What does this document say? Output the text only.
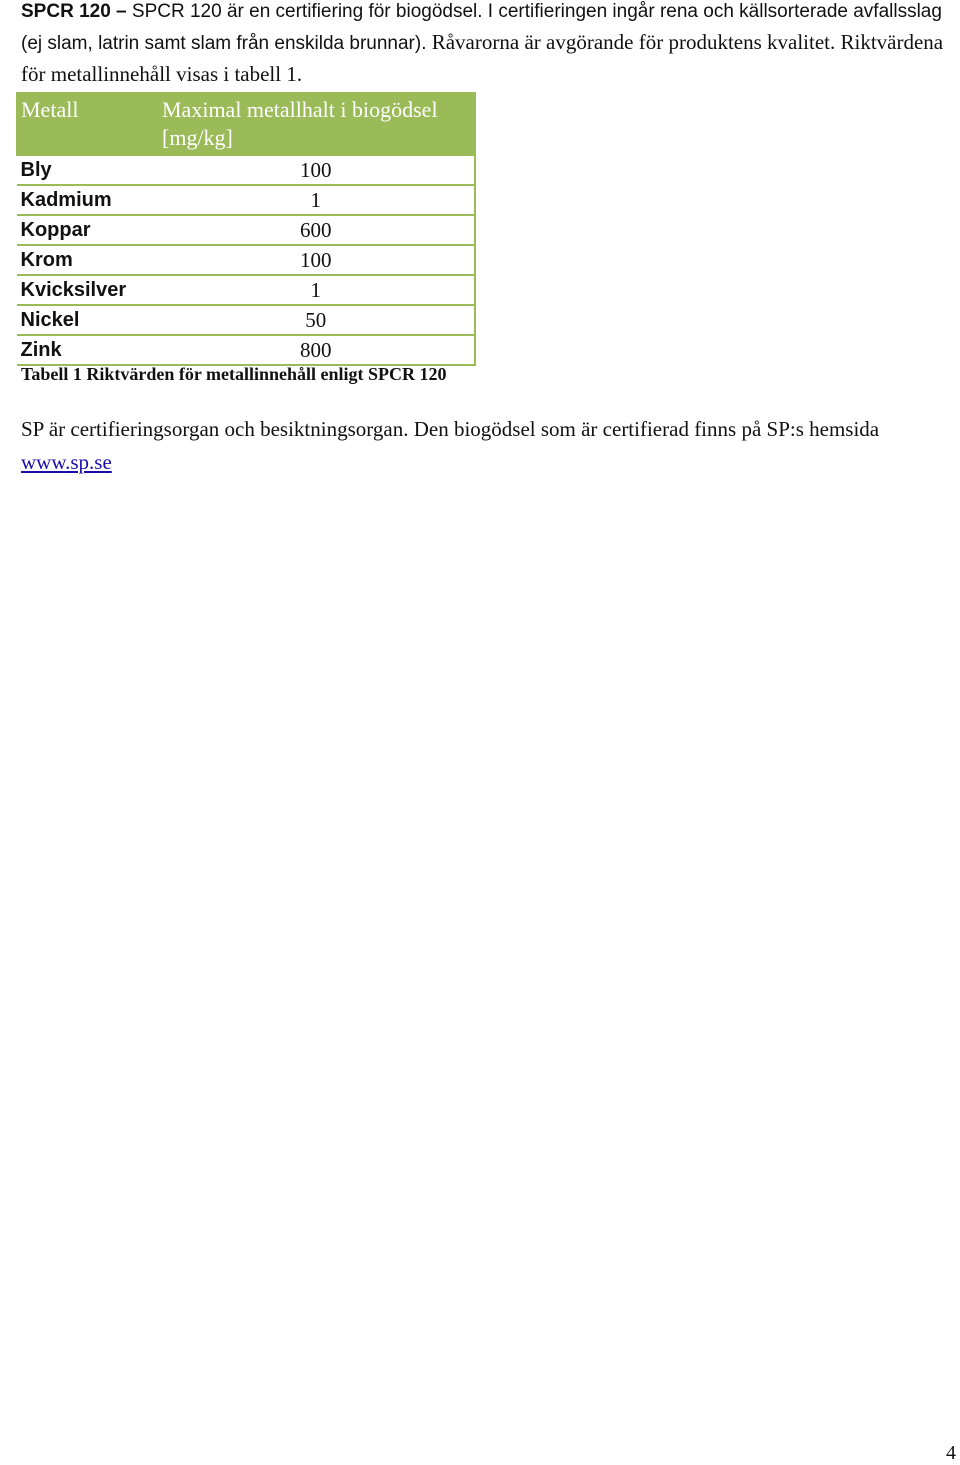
SPCR 120 – SPCR 120 är en certifiering för biogödsel. I certifieringen ingår rena och källsorterade avfallsslag (ej slam, latrin samt slam från enskilda brunnar). Råvarorna är avgörande för produktens kvalitet. Riktvärdena för metallinnehåll visas i tabell 1.

Metall	Maximal metallhalt i biogödsel [mg/kg]
Bly	100
Kadmium	1
Koppar	600
Krom	100
Kvicksilver	1
Nickel	50
Zink	800
Tabell 1 Riktvärden för metallinnehåll enligt SPCR 120

SP är certifieringsorgan och besiktningsorgan. Den biogödsel som är certifierad finns på SP:s hemsida www.sp.se

4
